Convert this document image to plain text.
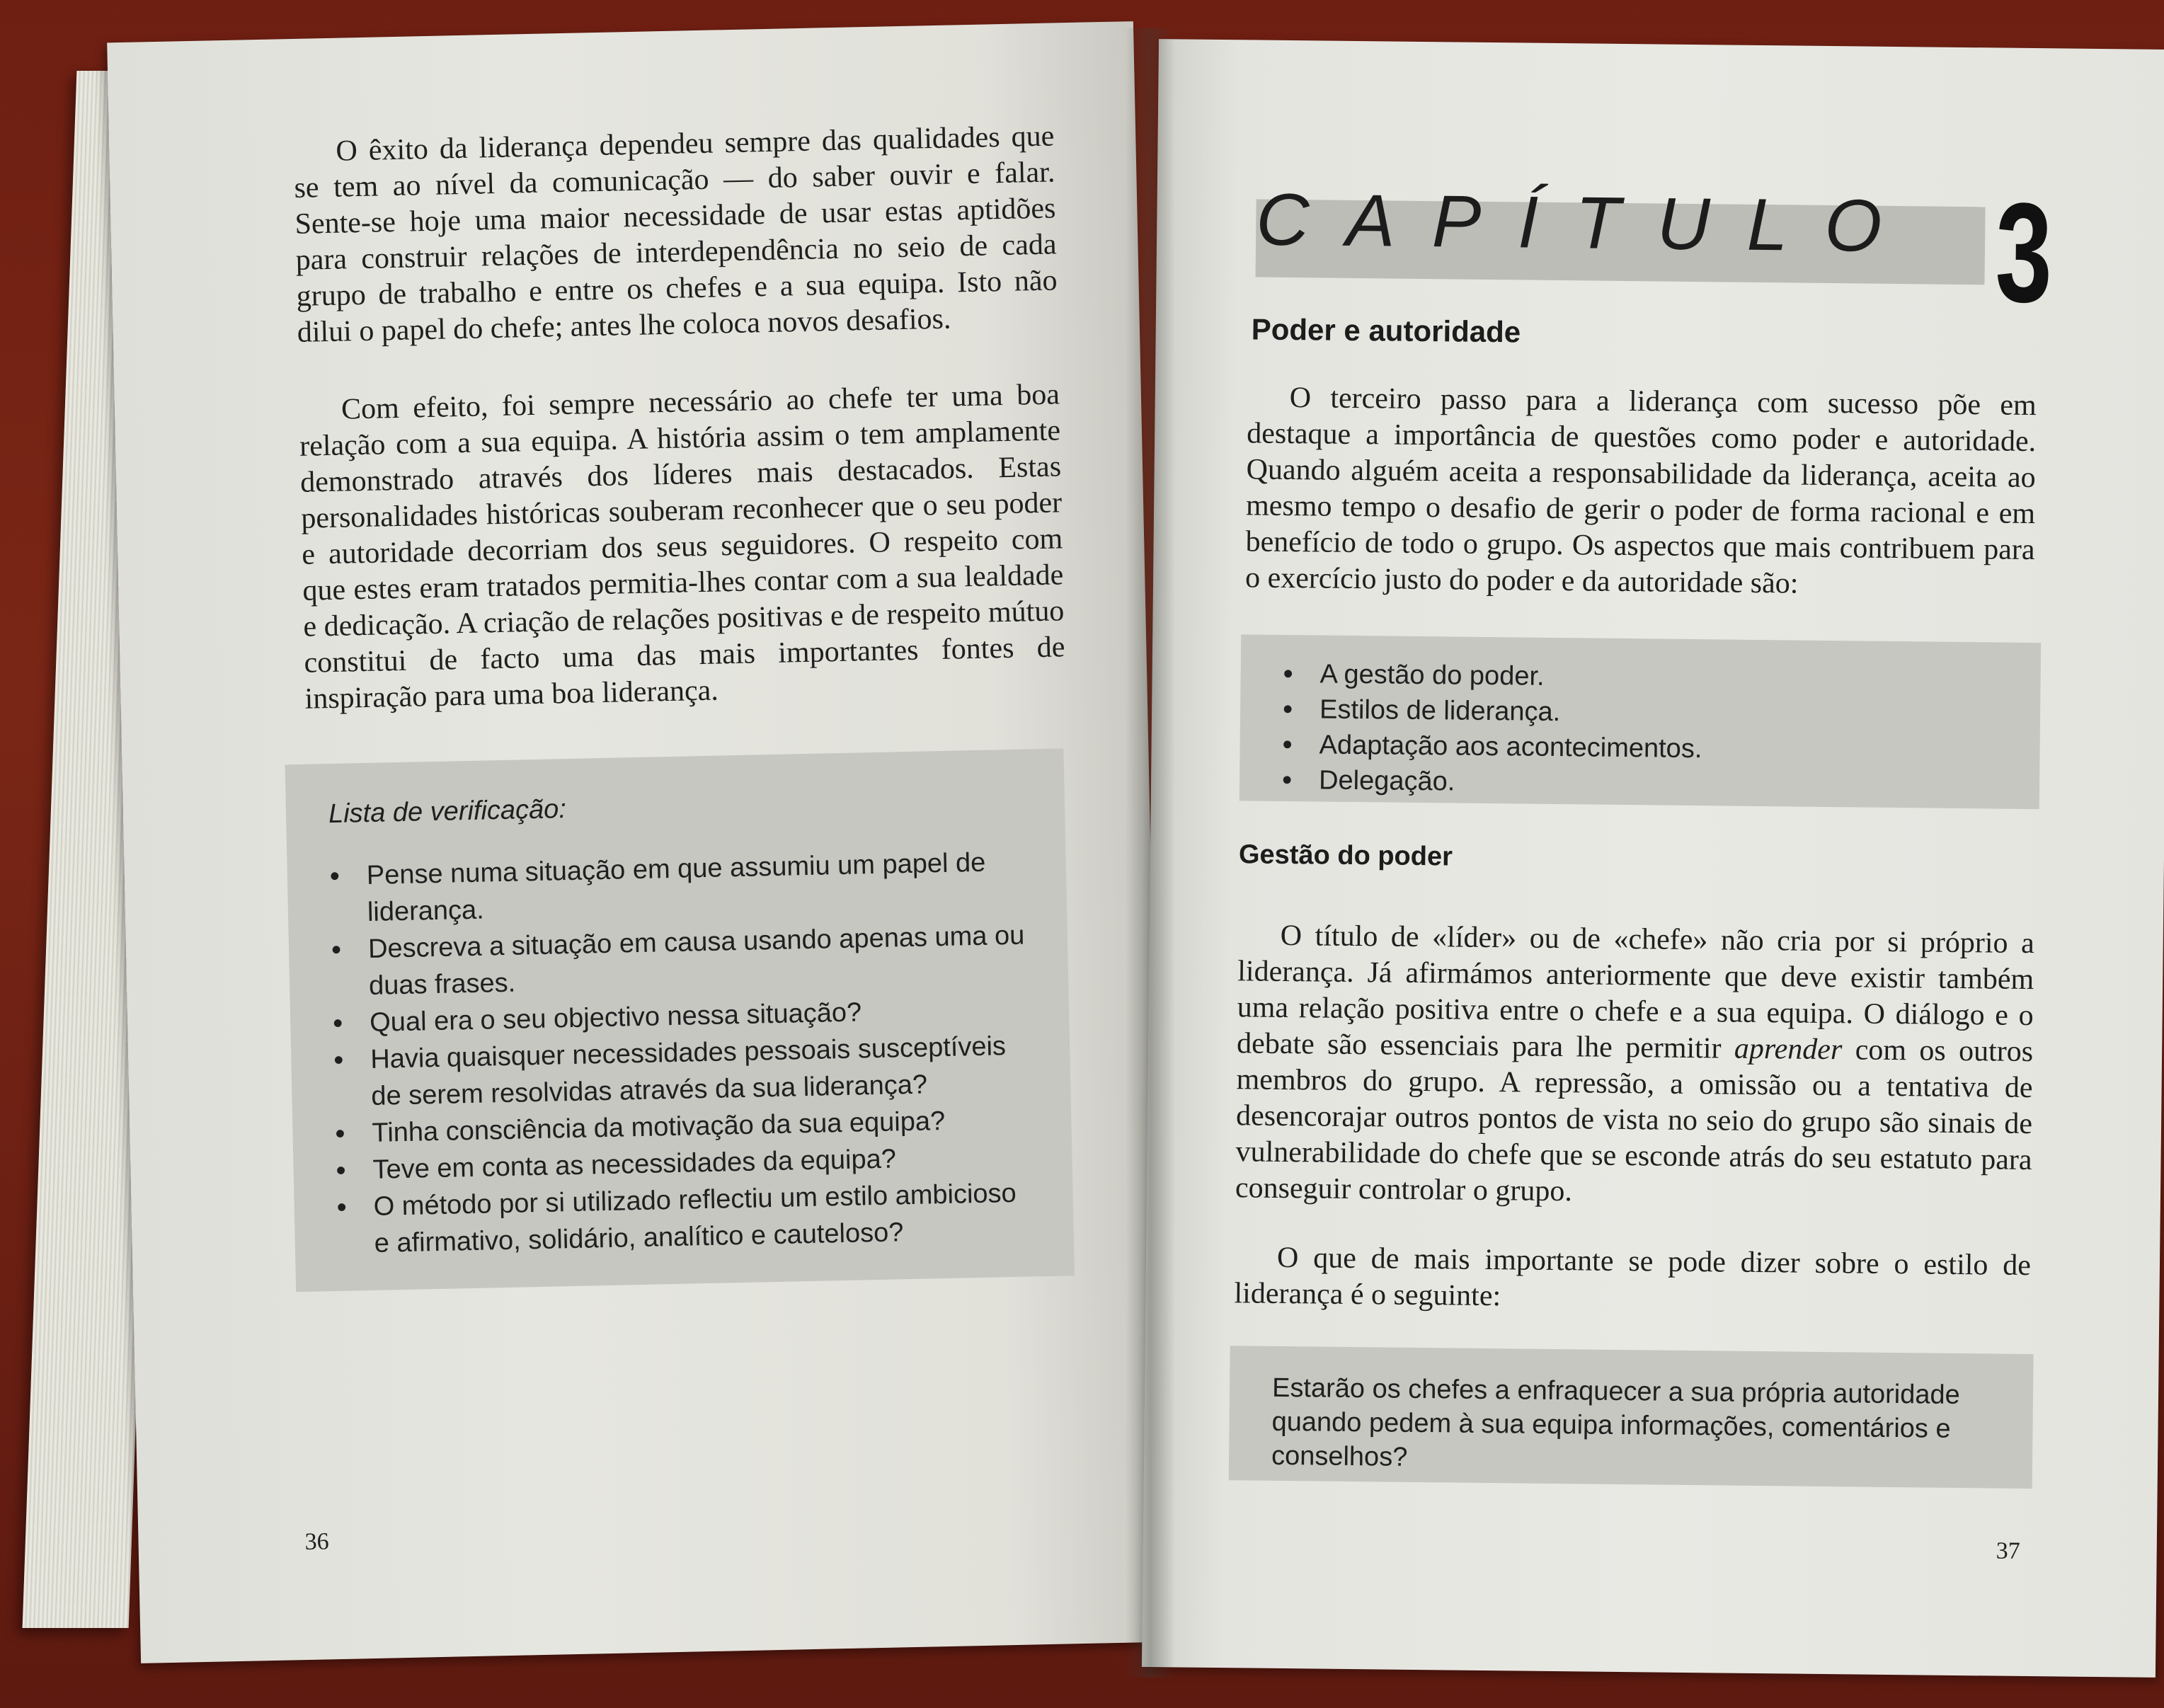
O êxito da liderança dependeu sempre das qualidades que se tem ao nível da comunicação — do saber ouvir e falar. Sente-se hoje uma maior necessidade de usar estas aptidões para construir relações de interdependência no seio de cada grupo de trabalho e entre os chefes e a sua equipa. Isto não dilui o papel do chefe; antes lhe coloca novos desafios.

Com efeito, foi sempre necessário ao chefe ter uma boa relação com a sua equipa. A história assim o tem amplamente demonstrado através dos líderes mais destacados. Estas personalidades históricas souberam reconhecer que o seu poder e autoridade decorriam dos seus seguidores. O respeito com que estes eram tratados permitia-lhes contar com a sua lealdade e dedicação. A criação de relações positivas e de respeito mútuo constitui de facto uma das mais importantes fontes de inspiração para uma boa liderança.

Lista de verificação:

• Pense numa situação em que assumiu um papel de liderança.
• Descreva a situação em causa usando apenas uma ou duas frases.
• Qual era o seu objectivo nessa situação?
• Havia quaisquer necessidades pessoais susceptíveis de serem resolvidas através da sua liderança?
• Tinha consciência da motivação da sua equipa?
• Teve em conta as necessidades da equipa?
• O método por si utilizado reflectiu um estilo ambicioso e afirmativo, solidário, analítico e cauteloso?
36
CAPÍTULO 3
Poder e autoridade

O terceiro passo para a liderança com sucesso põe em destaque a importância de questões como poder e autoridade. Quando alguém aceita a responsabilidade da liderança, aceita ao mesmo tempo o desafio de gerir o poder de forma racional e em benefício de todo o grupo. Os aspectos que mais contribuem para o exercício justo do poder e da autoridade são:

• A gestão do poder.
• Estilos de liderança.
• Adaptação aos acontecimentos.
• Delegação.
Gestão do poder

O título de «líder» ou de «chefe» não cria por si próprio a liderança. Já afirmámos anteriormente que deve existir também uma relação positiva entre o chefe e a sua equipa. O diálogo e o debate são essenciais para lhe permitir aprender com os outros membros do grupo. A repressão, a omissão ou a tentativa de desencorajar outros pontos de vista no seio do grupo são sinais de vulnerabilidade do chefe que se esconde atrás do seu estatuto para conseguir controlar o grupo.

O que de mais importante se pode dizer sobre o estilo de liderança é o seguinte:

Estarão os chefes a enfraquecer a sua própria autoridade quando pedem à sua equipa informações, comentários e conselhos?
37
